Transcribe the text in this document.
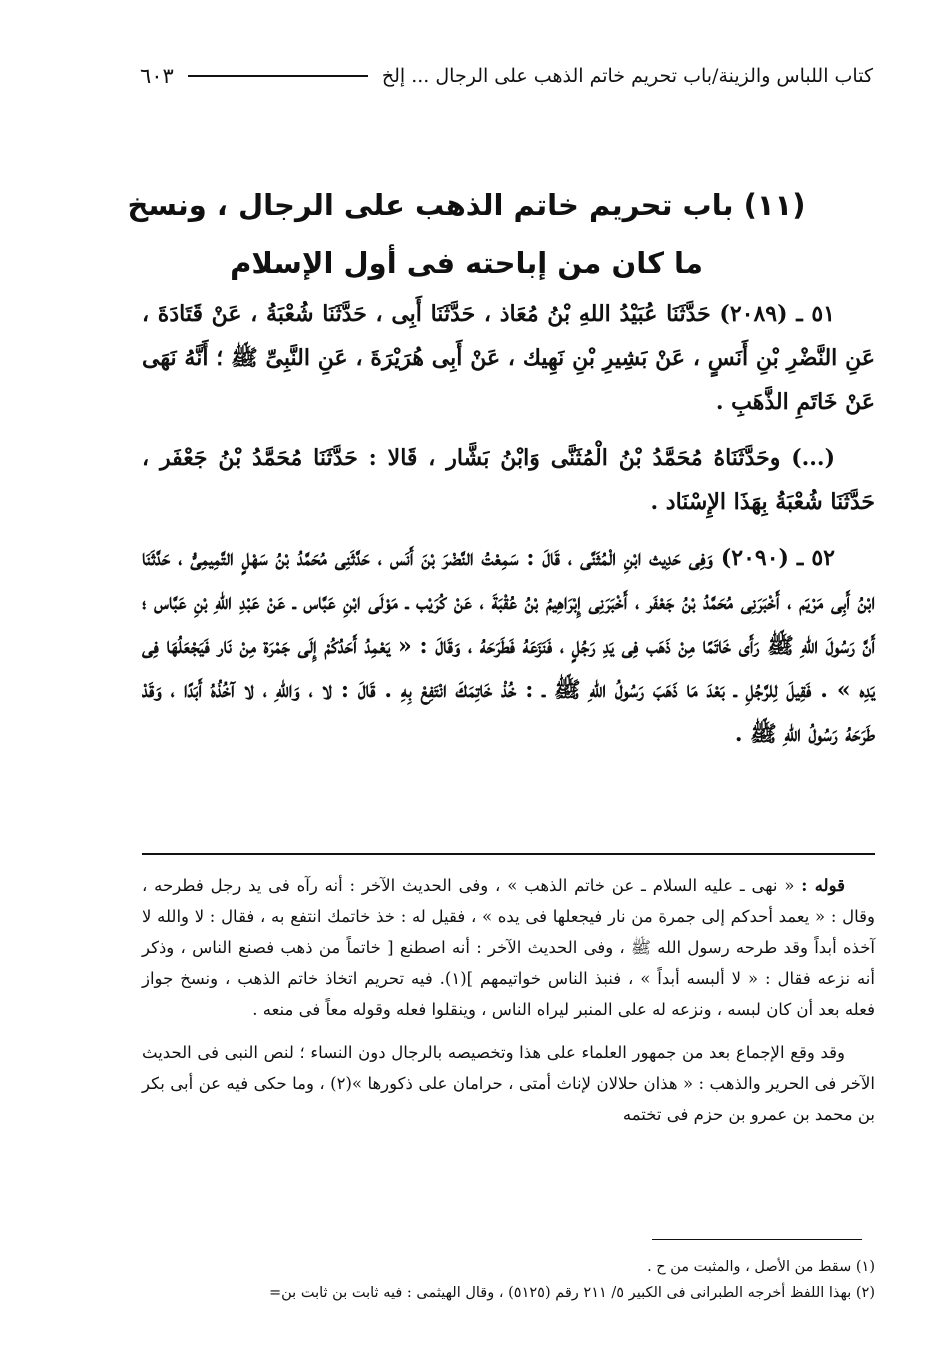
كتاب اللباس والزينة/باب تحريم خاتم الذهب على الرجال ... إلخ
٦٠٣
(١١) باب تحريم خاتم الذهب على الرجال ، ونسخ
ما كان من إباحته فى أول الإسلام

٥١ ـ (٢٠٨٩) حَدَّثَنَا عُبَيْدُ اللهِ بْنُ مُعَاذ ، حَدَّثَنَا أَبِى ، حَدَّثَنَا شُعْبَةُ ، عَنْ قَتَادَةَ ، عَنِ النَّضْرِ بْنِ أَنَسٍ ، عَنْ بَشِيرِ بْنِ نَهِيك ، عَنْ أَبِى هُرَيْرَةَ ، عَنِ النَّبِىِّ ﷺ ؛ أَنَّهُ نَهَى عَنْ خَاتَمِ الذَّهَبِ .

(...) وحَدَّثَنَاهُ مُحَمَّدُ بْنُ الْمُثَنَّى وَابْنُ بَشَّار ، قَالا : حَدَّثَنَا مُحَمَّدُ بْنُ جَعْفَر ، حَدَّثَنَا شُعْبَةُ بِهَذَا الإِسْنَاد .

٥٢ ـ (٢٠٩٠) وَفِى حَدِيث ابْنِ الْمُثَنَّى ، قَالَ : سَمِعْتُ النَّضْرَ بْنَ أَنَس ، حَدَّثَنِى مُحَمَّدُ بْنُ سَهْلٍ التَّمِيمِىُّ ، حَدَّثَنَا ابْنُ أَبِى مَرْيَم ، أَخْبَرَنِى مُحَمَّدُ بْنُ جَعْفَر ، أَخْبَرَنِى إِبْرَاهِيمُ بْنُ عُقْبَةَ ، عَنْ كُرَيْب ـ مَوْلَى ابْنِ عَبَّاس ـ عَنْ عَبْدِ اللهِ بْنِ عَبَّاس ؛ أَنَّ رَسُولَ اللهِ ﷺ رَأَى خَاتَمًا مِنْ ذَهَب فِى يَدِ رَجُلٍ ، فَنَزَعَهُ فَطَرَحَهُ ، وَقَالَ : « يَعْمِدُ أَحَدُكُمْ إِلَى جَمْرَة مِنْ نَار فَيَجْعَلُهَا فِى يَدِه » . فَقِيلَ لِلرَّجُلِ ـ بَعْدَ مَا ذَهَبَ رَسُولُ اللهِ ﷺ ـ : خُذْ خَاتِمَكَ انْتَفِعْ بِهِ . قَالَ : لا ، وَاللهِ ، لا آخُذُهُ أَبَدًا ، وَقَدْ طَرَحَهُ رَسُولُ اللهِ ﷺ .

قوله : « نهى ـ عليه السلام ـ عن خاتم الذهب » ، وفى الحديث الآخر : أنه رآه فى يد رجل فطرحه ، وقال : « يعمد أحدكم إلى جمرة من نار فيجعلها فى يده » ، فقيل له : خذ خاتمك انتفع به ، فقال : لا والله لا آخذه أبداً وقد طرحه رسول الله ﷺ ، وفى الحديث الآخر : أنه اصطنع [ خاتماً من ذهب فصنع الناس ، وذكر أنه نزعه فقال : « لا ألبسه أبداً » ، فنبذ الناس خواتيمهم ](١). فيه تحريم اتخاذ خاتم الذهب ، ونسخ جواز فعله بعد أن كان لبسه ، ونزعه له على المنبر ليراه الناس ، وينقلوا فعله وقوله معاً فى منعه .

وقد وقع الإجماع بعد من جمهور العلماء على هذا وتخصيصه بالرجال دون النساء ؛ لنص النبى فى الحديث الآخر فى الحرير والذهب : « هذان حلالان لإناث أمتى ، حرامان على ذكورها »(٢) ، وما حكى فيه عن أبى بكر بن محمد بن عمرو بن حزم فى تختمه

(١) سقط من الأصل ، والمثبت من ح .
(٢) بهذا اللفظ أخرجه الطبرانى فى الكبير ٥/ ٢١١ رقم (٥١٢٥) ، وقال الهيثمى : فيه ثابت بن ثابت بن=
